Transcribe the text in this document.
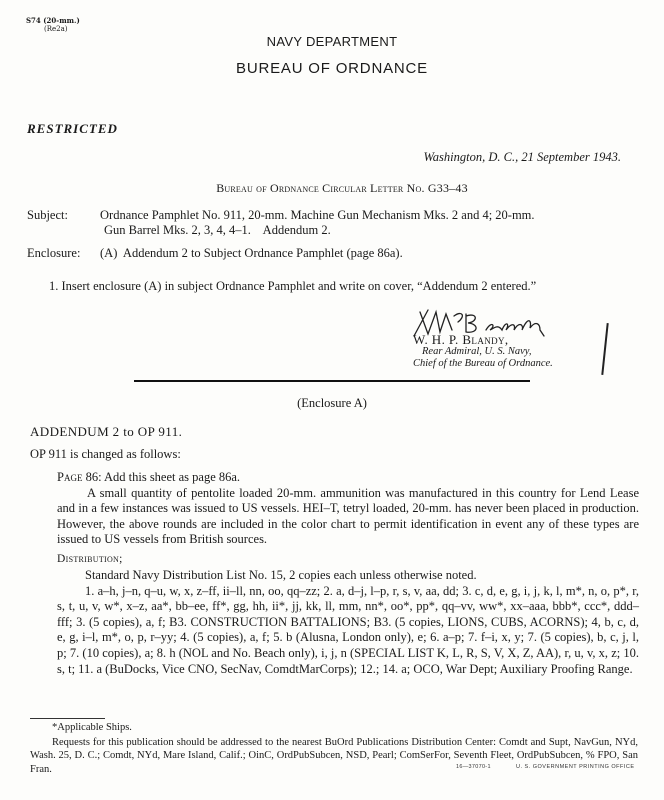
S74 (20-mm.)
(Re2a)
NAVY DEPARTMENT
BUREAU OF ORDNANCE
RESTRICTED
Washington, D. C., 21 September 1943.
Bureau of Ordnance Circular Letter No. G33–43
Subject:	Ordnance Pamphlet No. 911, 20-mm. Machine Gun Mechanism Mks. 2 and 4; 20-mm.
Gun Barrel Mks. 2, 3, 4, 4–1.    Addendum 2.
Enclosure: (A)  Addendum 2 to Subject Ordnance Pamphlet (page 86a).
1. Insert enclosure (A) in subject Ordnance Pamphlet and write on cover, “Addendum 2 entered.”
W. H. P. Blandy,
Rear Admiral, U. S. Navy,
Chief of the Bureau of Ordnance.
(Enclosure A)
ADDENDUM 2 to OP 911.
OP 911 is changed as follows:
Page 86: Add this sheet as page 86a.
A small quantity of pentolite loaded 20-mm. ammunition was manufactured in this country for Lend Lease and in a few instances was issued to US vessels. HEI–T, tetryl loaded, 20-mm. has never been placed in production. However, the above rounds are included in the color chart to permit identification in event any of these types are issued to US vessels from British sources.
Distribution;
Standard Navy Distribution List No. 15, 2 copies each unless otherwise noted.
1. a–h, j–n, q–u, w, x, z–ff, ii–ll, nn, oo, qq–zz; 2. a, d–j, l–p, r, s, v, aa, dd; 3. c, d, e, g, i, j, k, l, m*, n, o, p*, r, s, t, u, v, w*, x–z, aa*, bb–ee, ff*, gg, hh, ii*, jj, kk, ll, mm, nn*, oo*, pp*, qq–vv, ww*, xx–aaa, bbb*, ccc*, ddd–fff; 3. (5 copies), a, f; B3. CONSTRUCTION BATTALIONS; B3. (5 copies, LIONS, CUBS, ACORNS); 4, b, c, d, e, g, i–l, m*, o, p, r–yy; 4. (5 copies), a, f; 5. b (Alusna, London only), e; 6. a–p; 7. f–i, x, y; 7. (5 copies), b, c, j, l, p; 7. (10 copies), a; 8. h (NOL and No. Beach only), i, j, n (SPECIAL LIST K, L, R, S, V, X, Z, AA), r, u, v, x, z; 10. s, t; 11. a (BuDocks, Vice CNO, SecNav, ComdtMarCorps); 12.; 14. a; OCO, War Dept; Auxiliary Proofing Range.
*Applicable Ships.
Requests for this publication should be addressed to the nearest BuOrd Publications Distribution Center: Comdt and Supt, NavGun, NYd, Wash. 25, D. C.; Comdt, NYd, Mare Island, Calif.; OinC, OrdPubSubcen, NSD, Pearl; ComSerFor, Seventh Fleet, OrdPubSubcen, % FPO, San Fran.	16—37070-1	U. S. GOVERNMENT PRINTING OFFICE
